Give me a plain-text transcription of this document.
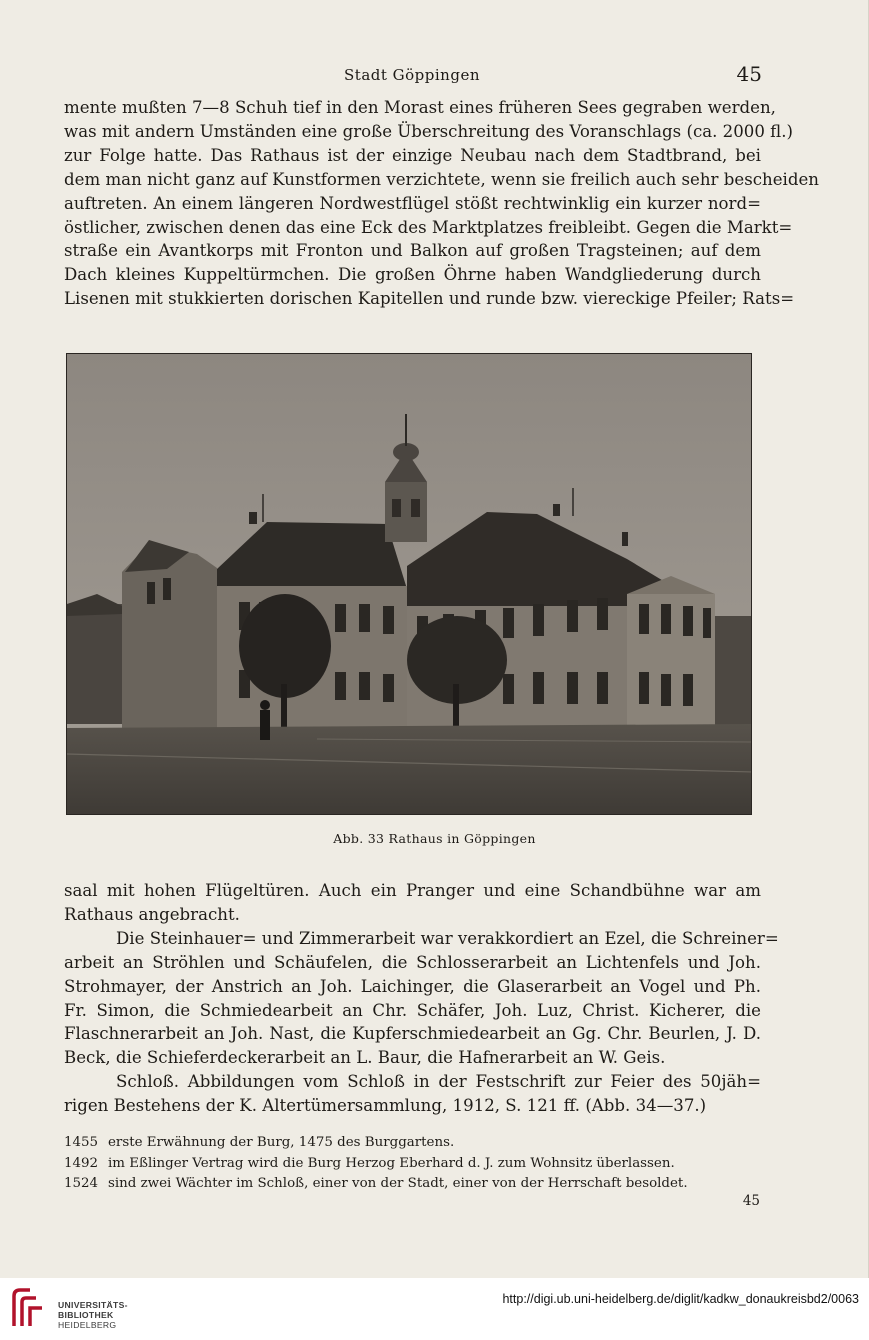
Stadt Göppingen	45
mente mußten 7—8 Schuh tief in den Morast eines früheren Sees gegraben werden,
was mit andern Umständen eine große Überschreitung des Voranschlags (ca. 2000 fl.)
zur Folge hatte. Das Rathaus ist der einzige Neubau nach dem Stadtbrand, bei
dem man nicht ganz auf Kunstformen verzichtete, wenn sie freilich auch sehr bescheiden
auftreten. An einem längeren Nordwestflügel stößt rechtwinklig ein kurzer nord=
östlicher, zwischen denen das eine Eck des Marktplatzes freibleibt. Gegen die Markt=
straße ein Avantkorps mit Fronton und Balkon auf großen Tragsteinen; auf dem
Dach kleines Kuppeltürmchen. Die großen Öhrne haben Wandgliederung durch
Lisenen mit stukkierten dorischen Kapitellen und runde bzw. viereckige Pfeiler; Rats=
Abb. 33 Rathaus in Göppingen
saal mit hohen Flügeltüren. Auch ein Pranger und eine Schandbühne war am
Rathaus angebracht.
Die Steinhauer= und Zimmerarbeit war verakkordiert an Ezel, die Schreiner=
arbeit an Ströhlen und Schäufelen, die Schlosserarbeit an Lichtenfels und Joh.
Strohmayer, der Anstrich an Joh. Laichinger, die Glaserarbeit an Vogel und Ph.
Fr. Simon, die Schmiedearbeit an Chr. Schäfer, Joh. Luz, Christ. Kicherer, die
Flaschnerarbeit an Joh. Nast, die Kupferschmiedearbeit an Gg. Chr. Beurlen, J. D.
Beck, die Schieferdeckerarbeit an L. Baur, die Hafnerarbeit an W. Geis.
Schloß. Abbildungen vom Schloß in der Festschrift zur Feier des 50jäh=
rigen Bestehens der K. Altertümersammlung, 1912, S. 121 ff. (Abb. 34—37.)
1455 erste Erwähnung der Burg, 1475 des Burggartens.
1492 im Eßlinger Vertrag wird die Burg Herzog Eberhard d. J. zum Wohnsitz überlassen.
1524 sind zwei Wächter im Schloß, einer von der Stadt, einer von der Herrschaft besoldet.
45
UNIVERSITÄTS-
BIBLIOTHEK
HEIDELBERG
http://digi.ub.uni-heidelberg.de/diglit/kadkw_donaukreisbd2/0063
